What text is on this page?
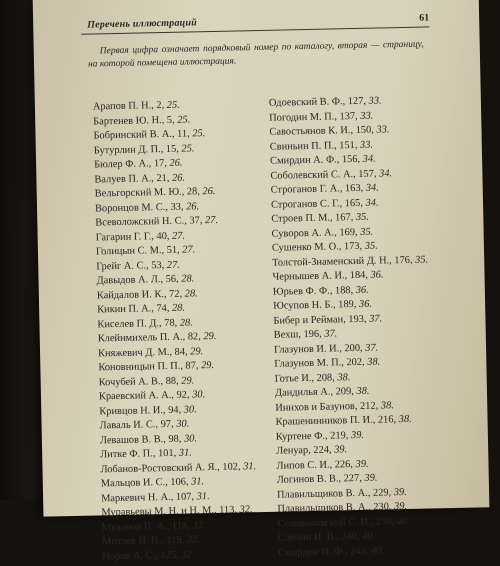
Перечень иллюстраций	61
Первая цифра означает порядковый номер по каталогу, вторая — страницу, на которой помещена иллюстрация.
Арапов П. Н., 2, 25.
Бартенев Ю. Н., 5, 25.
Бобринский В. А., 11, 25.
Бутурлин Д. П., 15, 25.
Бюлер Ф. А., 17, 26.
Валуев П. А., 21, 26.
Вельгорский М. Ю., 28, 26.
Воронцов М. С., 33, 26.
Всеволожский Н. С., 37, 27.
Гагарин Г. Г., 40, 27.
Голицын С. М., 51, 27.
Грейг А. С., 53, 27.
Давыдов А. Л., 56, 28.
Кайдалов И. К., 72, 28.
Кикин П. А., 74, 28.
Киселев П. Д., 78, 28.
Клейнмихель П. А., 82, 29.
Княжевич Д. М., 84, 29.
Коновницын П. П., 87, 29.
Кочубей А. В., 88, 29.
Краевский А. А., 92, 30.
Кривцов Н. И., 94, 30.
Лаваль И. С., 97, 30.
Левашов В. В., 98, 30.
Литке Ф. П., 101, 31.
Лобанов-Ростовский А. Я., 102, 31.
Мальцов И. С., 106, 31.
Маркевич Н. А., 107, 31.
Муравьевы М. Н. и Н. М., 113, 32.
Муханов П. А., 118, 32.
Митлев И. П., 119, 32.
Норов А. С., 125, 32.
Одоевский В. Ф., 127, 33.
Погодин М. П., 137, 33.
Савостьянов К. И., 150, 33.
Свиньин П. П., 151, 33.
Смирдин А. Ф., 156, 34.
Соболевский С. А., 157, 34.
Строганов Г. А., 163, 34.
Строганов С. Г., 165, 34.
Строев П. М., 167, 35.
Суворов А. А., 169, 35.
Сушенко М. О., 173, 35.
Толстой-Знаменский Д. Н., 176, 35.
Чернышев А. И., 184, 36.
Юрьев Ф. Ф., 188, 36.
Юсупов Н. Б., 189, 36.
Бибер и Рейман, 193, 37.
Вехш, 196, 37.
Глазунов И. И., 200, 37.
Глазунов М. П., 202, 38.
Готье И., 208, 38.
Дандилья А., 209, 38.
Иннхов и Базунов, 212, 38.
Крашенинников П. И., 216, 38.
Куртене Ф., 219, 39.
Ленуар, 224, 39.
Липов С. И., 226, 39.
Логинов В. В., 227, 39.
Плавильщиков В. А., 229, 39.
Плавильщиков В. А., 230, 39.
Селивановский С. И., 238, 40.
Слёнин И. В., 240, 40.
Смирдин И. Ф., 243, 40.
